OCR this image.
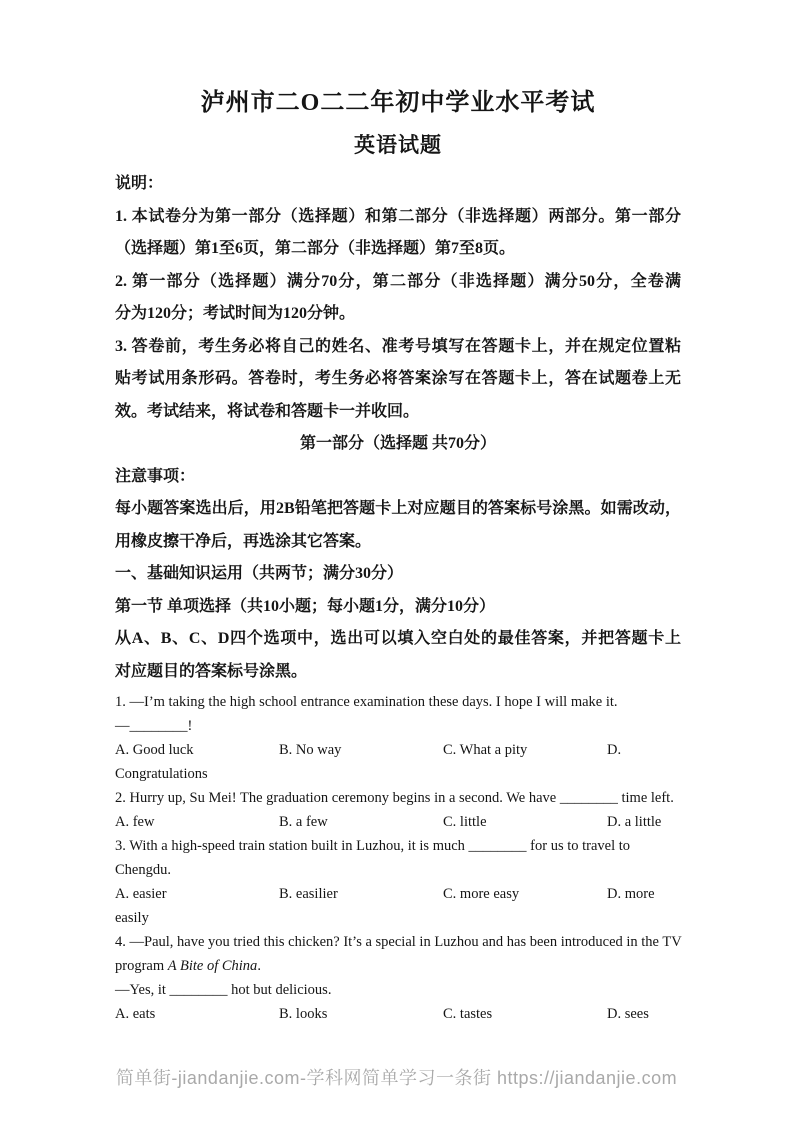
泸州市二O二二年初中学业水平考试
英语试题
说明：
1. 本试卷分为第一部分（选择题）和第二部分（非选择题）两部分。第一部分
（选择题）第1至6页，第二部分（非选择题）第7至8页。
2. 第一部分（选择题）满分70分，第二部分（非选择题）满分50分，全卷满
分为120分；考试时间为120分钟。
3. 答卷前，考生务必将自己的姓名、准考号填写在答题卡上，并在规定位置粘
贴考试用条形码。答卷时，考生务必将答案涂写在答题卡上，答在试题卷上无
效。考试结来，将试卷和答题卡一并收回。
第一部分（选择题 共70分）
注意事项：
每小题答案选出后，用2B铅笔把答题卡上对应题目的答案标号涂黑。如需改动，
用橡皮擦干净后，再选涂其它答案。
一、基础知识运用（共两节；满分30分）
第一节 单项选择（共10小题；每小题1分，满分10分）
从A、B、C、D四个选项中，选出可以填入空白处的最佳答案，并把答题卡上
对应题目的答案标号涂黑。
1. —I’m taking the high school entrance examination these days. I hope I will make it.
—________!
A. Good luck	B. No way	C. What a pity	D. Congratulations
2. Hurry up, Su Mei! The graduation ceremony begins in a second. We have ________ time left.
A. few	B. a few	C. little	D. a little
3. With a high-speed train station built in Luzhou, it is much ________ for us to travel to
Chengdu.
A. easier	B. easilier	C. more easy	D. more easily
4. —Paul, have you tried this chicken? It’s a special in Luzhou and has been introduced in the TV
program A Bite of China.
—Yes, it ________ hot but delicious.
A. eats	B. looks	C. tastes	D. sees
简单街-jiandanjie.com-学科网简单学习一条街 https://jiandanjie.com
